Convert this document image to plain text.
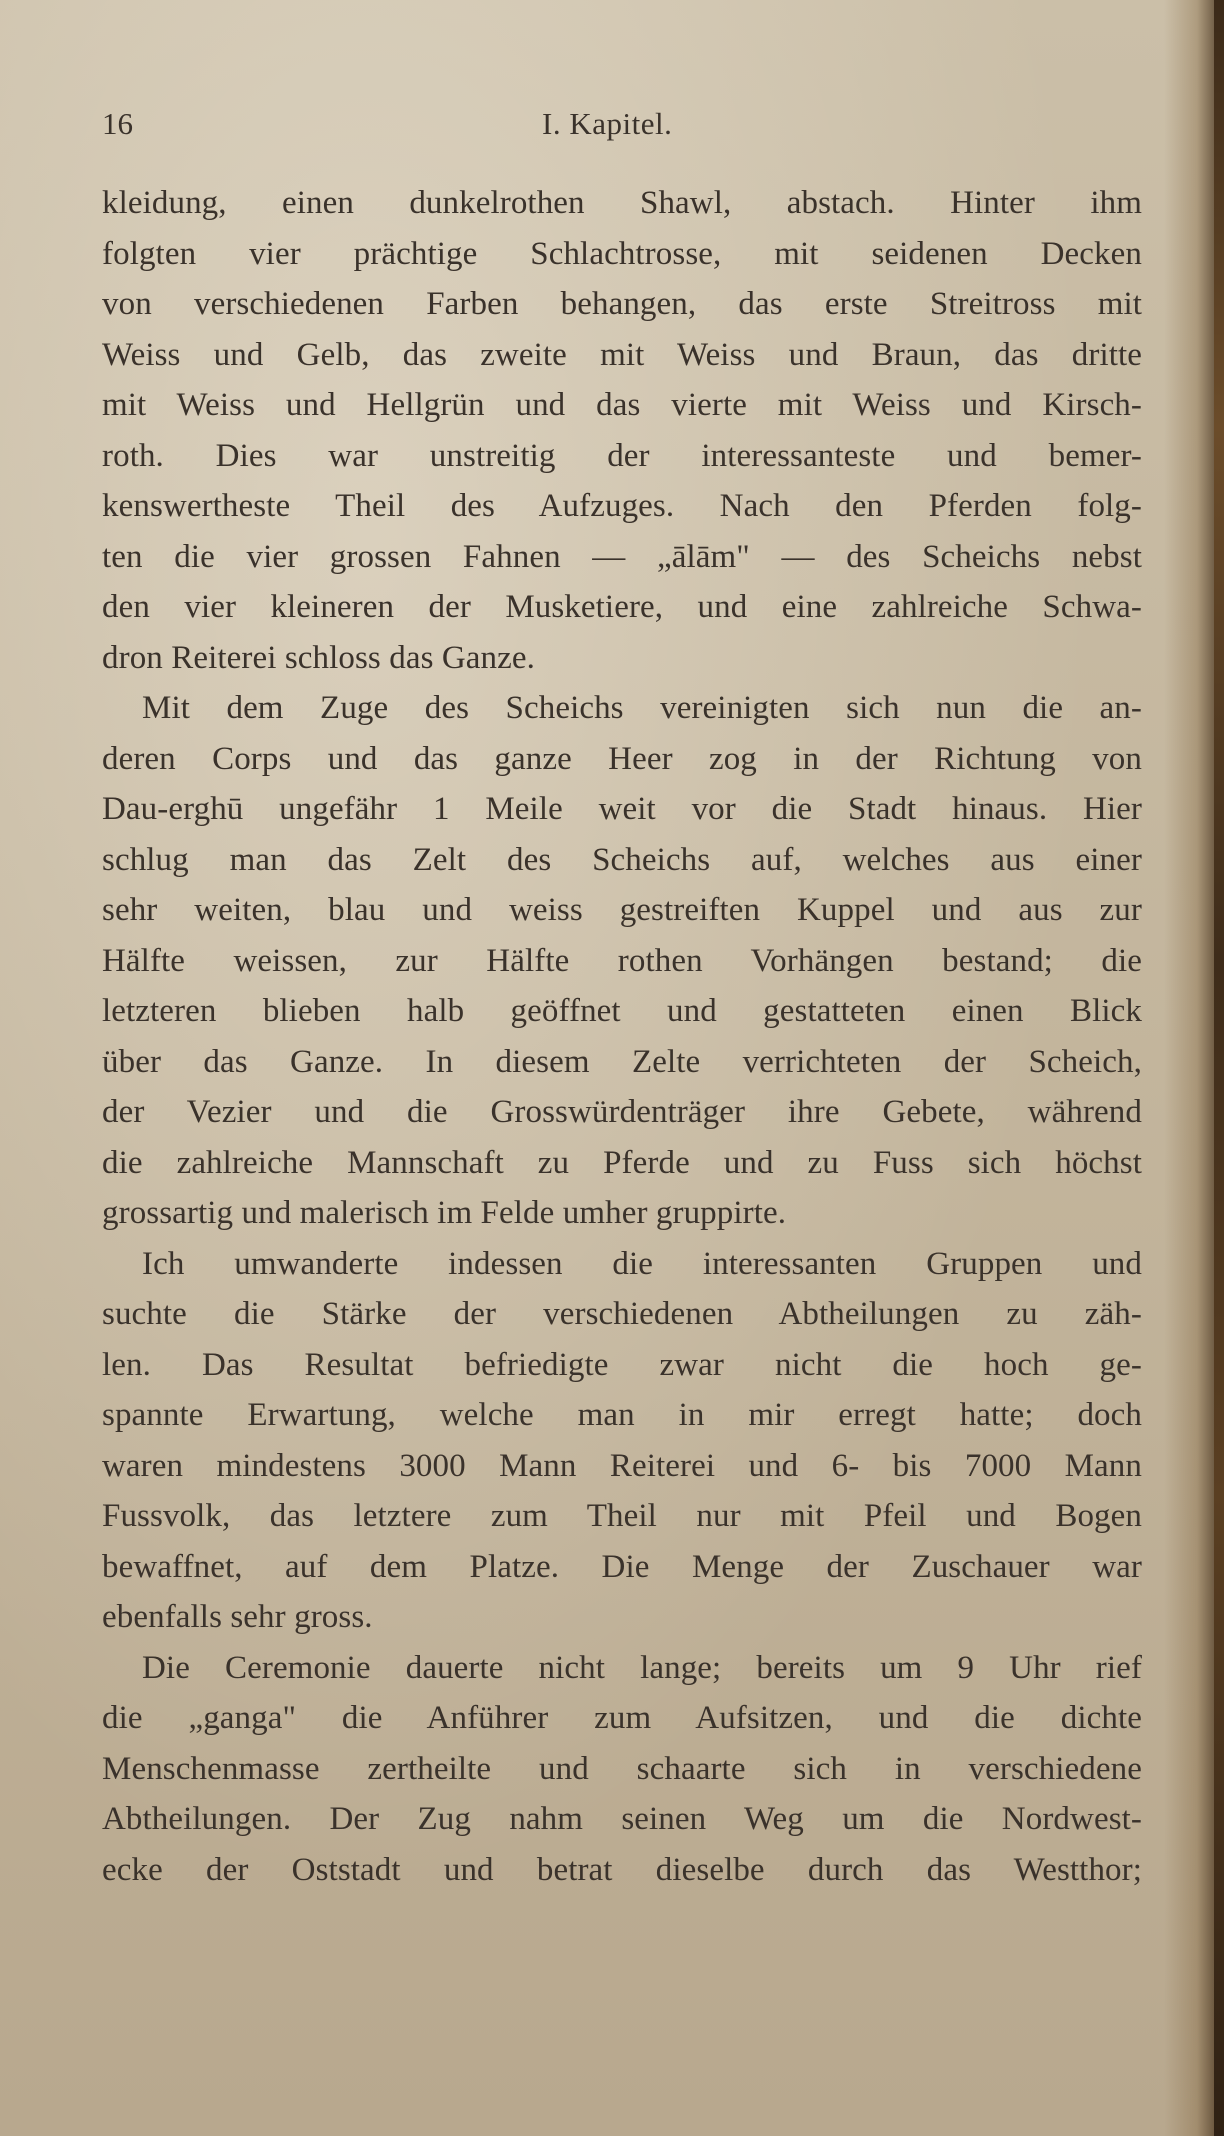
16	I. Kapitel.
kleidung, einen dunkelrothen Shawl, abstach. Hinter ihm
folgten vier prächtige Schlachtrosse, mit seidenen Decken
von verschiedenen Farben behangen, das erste Streitross mit
Weiss und Gelb, das zweite mit Weiss und Braun, das dritte
mit Weiss und Hellgrün und das vierte mit Weiss und Kirsch-
roth. Dies war unstreitig der interessanteste und bemer-
kenswertheste Theil des Aufzuges. Nach den Pferden folg-
ten die vier grossen Fahnen — „ālām" — des Scheichs nebst
den vier kleineren der Musketiere, und eine zahlreiche Schwa-
dron Reiterei schloss das Ganze.
Mit dem Zuge des Scheichs vereinigten sich nun die an-
deren Corps und das ganze Heer zog in der Richtung von
Dau-erghū ungefähr 1 Meile weit vor die Stadt hinaus. Hier
schlug man das Zelt des Scheichs auf, welches aus einer
sehr weiten, blau und weiss gestreiften Kuppel und aus zur
Hälfte weissen, zur Hälfte rothen Vorhängen bestand; die
letzteren blieben halb geöffnet und gestatteten einen Blick
über das Ganze. In diesem Zelte verrichteten der Scheich,
der Vezier und die Grosswürdenträger ihre Gebete, während
die zahlreiche Mannschaft zu Pferde und zu Fuss sich höchst
grossartig und malerisch im Felde umher gruppirte.
Ich umwanderte indessen die interessanten Gruppen und
suchte die Stärke der verschiedenen Abtheilungen zu zäh-
len. Das Resultat befriedigte zwar nicht die hoch ge-
spannte Erwartung, welche man in mir erregt hatte; doch
waren mindestens 3000 Mann Reiterei und 6- bis 7000 Mann
Fussvolk, das letztere zum Theil nur mit Pfeil und Bogen
bewaffnet, auf dem Platze. Die Menge der Zuschauer war
ebenfalls sehr gross.
Die Ceremonie dauerte nicht lange; bereits um 9 Uhr rief
die „ganga" die Anführer zum Aufsitzen, und die dichte
Menschenmasse zertheilte und schaarte sich in verschiedene
Abtheilungen. Der Zug nahm seinen Weg um die Nordwest-
ecke der Oststadt und betrat dieselbe durch das Westthor;
